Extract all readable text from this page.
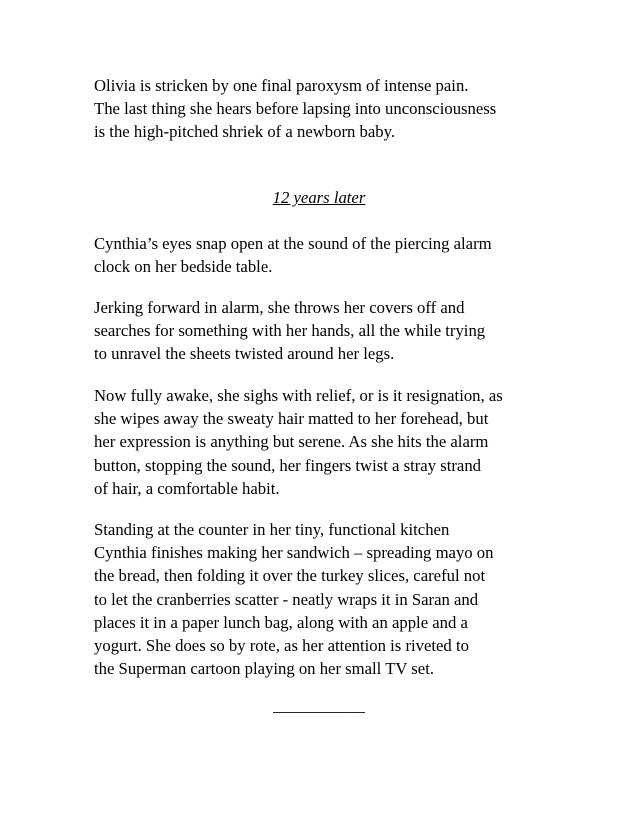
Olivia is stricken by one final paroxysm of intense pain.
The last thing she hears before lapsing into unconsciousness
is the high-pitched shriek of a newborn baby.
12 years later
Cynthia’s eyes snap open at the sound of the piercing alarm
clock on her bedside table.
Jerking forward in alarm, she throws her covers off and
searches for something with her hands, all the while trying
to unravel the sheets twisted around her legs.
Now fully awake, she sighs with relief, or is it resignation, as
she wipes away the sweaty hair matted to her forehead, but
her expression is anything but serene. As she hits the alarm
button, stopping the sound, her fingers twist a stray strand
of hair, a comfortable habit.
Standing at the counter in her tiny, functional kitchen
Cynthia finishes making her sandwich – spreading mayo on
the bread, then folding it over the turkey slices, careful not
to let the cranberries scatter - neatly wraps it in Saran and
places it in a paper lunch bag, along with an apple and a
yogurt. She does so by rote, as her attention is riveted to
the Superman cartoon playing on her small TV set.
___________
